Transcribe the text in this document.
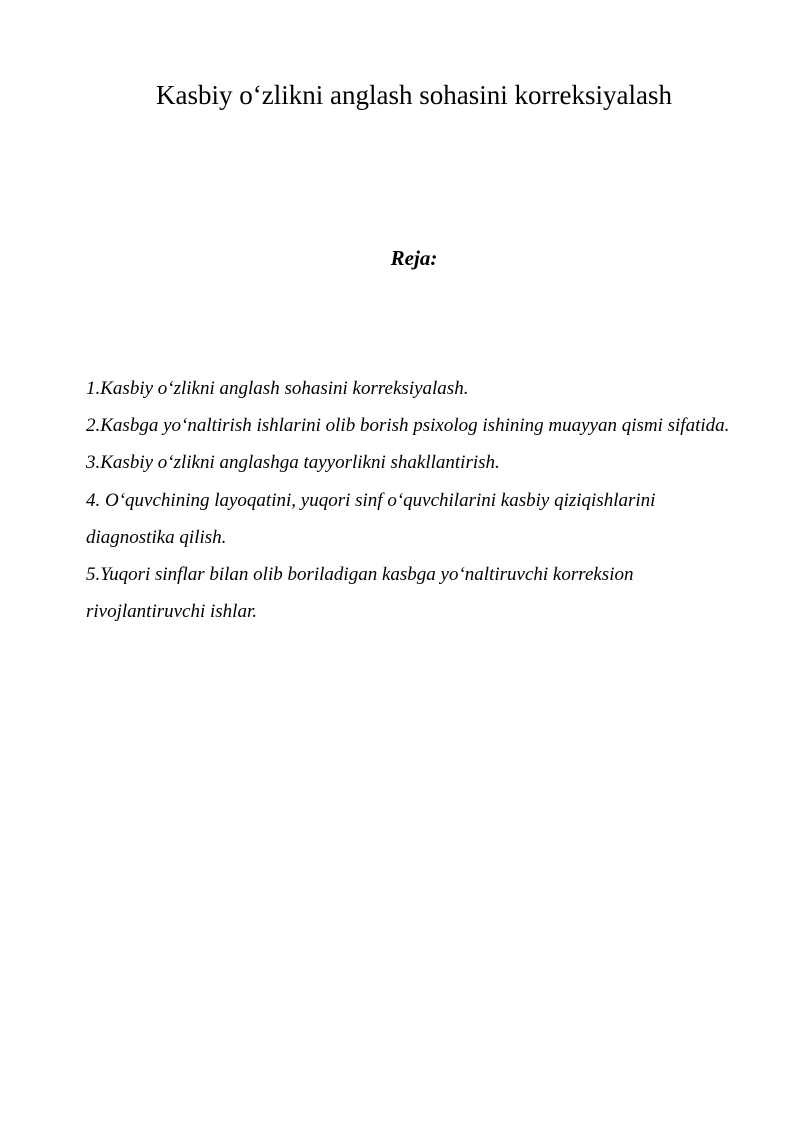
Kasbiy o‘zlikni anglash sohasini korreksiyalash
Reja:
1.Kasbiy o‘zlikni anglash sohasini korreksiyalash.
2.Kasbga yo‘naltirish ishlarini olib borish psixolog ishining muayyan qismi sifatida.
3.Kasbiy o‘zlikni anglashga tayyorlikni shakllantirish.
4. O‘quvchining layoqatini, yuqori sinf o‘quvchilarini kasbiy qiziqishlarini diagnostika qilish.
5.Yuqori sinflar bilan olib boriladigan kasbga yo‘naltiruvchi korreksion rivojlantiruvchi ishlar.
